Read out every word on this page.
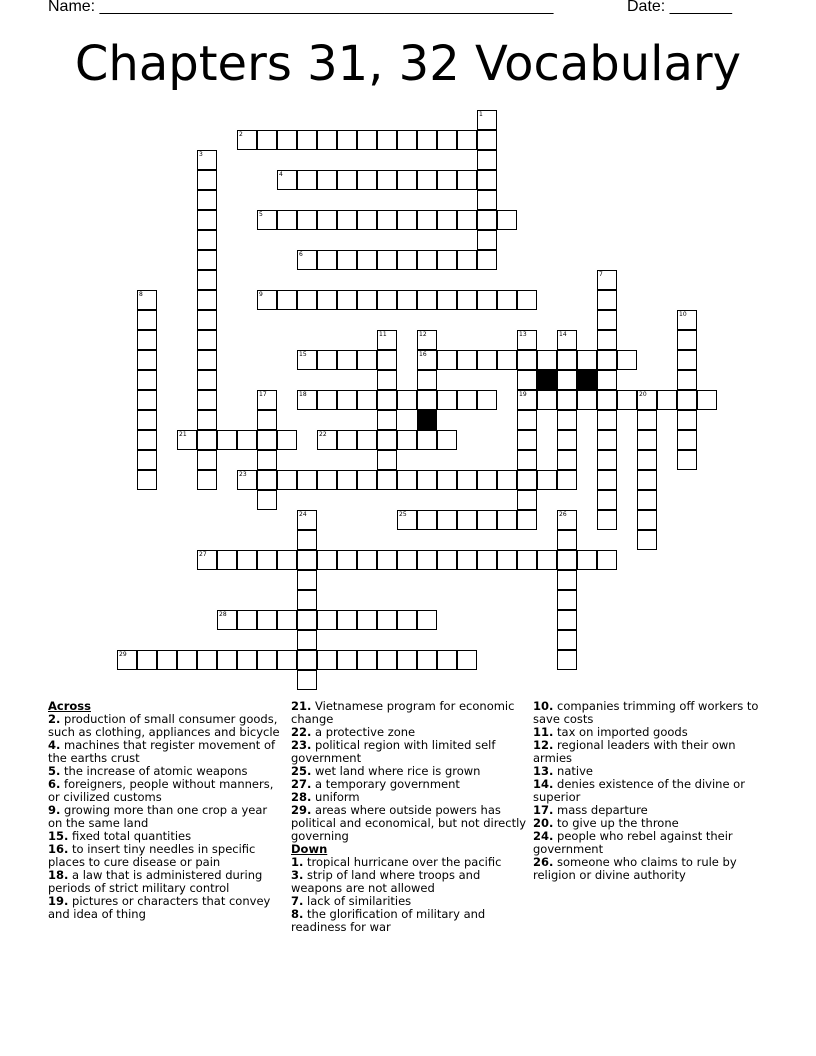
Name: ___________________________________________________	Date: _______
Chapters 31, 32 Vocabulary
1
2
3
4
5
6
7
8	9
10
11	12	13	14
15	16
17	18	19	20
21	22
23
24	25	26
27
28
29
Across
2. production of small consumer goods, such as clothing, appliances and bicycle
4. machines that register movement of the earths crust
5. the increase of atomic weapons
6. foreigners, people without manners, or civilized customs
9. growing more than one crop a year on the same land
15. fixed total quantities
16. to insert tiny needles in specific places to cure disease or pain
18. a law that is administered during periods of strict military control
19. pictures or characters that convey and idea of thing
21. Vietnamese program for economic change
22. a protective zone
23. political region with limited self government
25. wet land where rice is grown
27. a temporary government
28. uniform
29. areas where outside powers has political and economical, but not directly governing
Down
1. tropical hurricane over the pacific
3. strip of land where troops and weapons are not allowed
7. lack of similarities
8. the glorification of military and readiness for war
10. companies trimming off workers to save costs
11. tax on imported goods
12. regional leaders with their own armies
13. native
14. denies existence of the divine or superior
17. mass departure
20. to give up the throne
24. people who rebel against their government
26. someone who claims to rule by religion or divine authority
